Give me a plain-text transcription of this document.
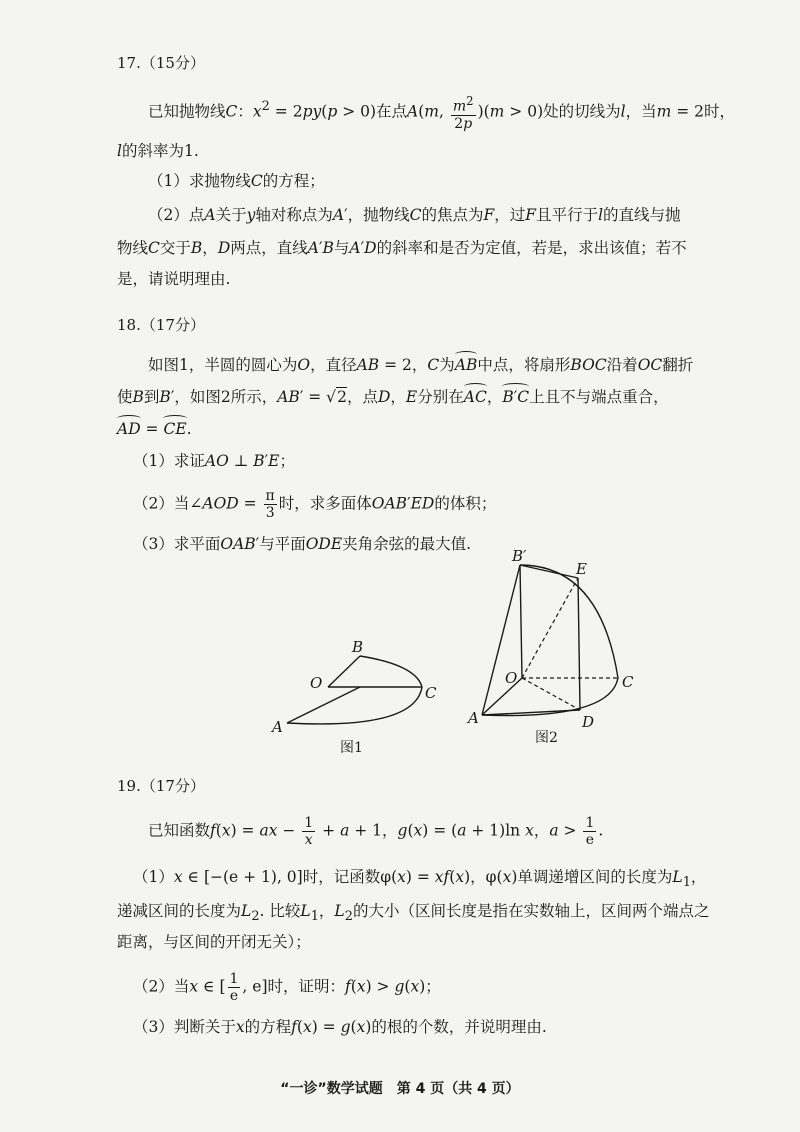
17.（15分）
已知抛物线C：$x^2 = 2py(p > 0)$在点A(m, $\frac{m^2}{2p} )(m > 0)$处的切线为l，当m = 2时，
l的斜率为1.
（1）求抛物线C的方程；
（2）点A关于y轴对称点为A′，抛物线C的焦点为F，过F且平行于l的直线与抛
物线C交于B，D两点，直线A′B与A′D的斜率和是否为定值，若是，求出该值；若不
是，请说明理由.
18.（17分）
如图1，半圆的圆心为O，直径AB = 2，C为AB中点，将扇形BOC沿着OC翻折
使B到B′，如图2所示，AB′ = √2，点D，E分别在AC，B′C上且不与端点重合，
AD = CE.
（1）求证AO ⊥ B′E；
（2）当∠AOD = $\frac{\pi}{3}$ 时，求多面体OAB′ED的体积；
（3）求平面OAB′与平面ODE夹角余弦的最大值.
B
O
C
A
图1
B′
E
O	C
A	D
图2
19.（17分）
已知函数f(x) = ax − $\frac{1}{x} + a + 1$，g(x) = (a + 1)ln x，$a > \frac{1}{e}$ .
（1）x ∈ [−(e + 1), 0]时，记函数φ(x) = xf(x)，φ(x)单调递增区间的长度为$L_1$，
递减区间的长度为$L_2$. 比较$L_1$，$L_2$的大小（区间长度是指在实数轴上，区间两个端点之
距离，与区间的开闭无关）；
（2）当x ∈ [ $\frac{1}{e}$ , e]时，证明：f(x) > g(x)；
（3）判断关于x的方程f(x) = g(x)的根的个数，并说明理由.
“一诊”数学试题　第 4 页（共 4 页）
